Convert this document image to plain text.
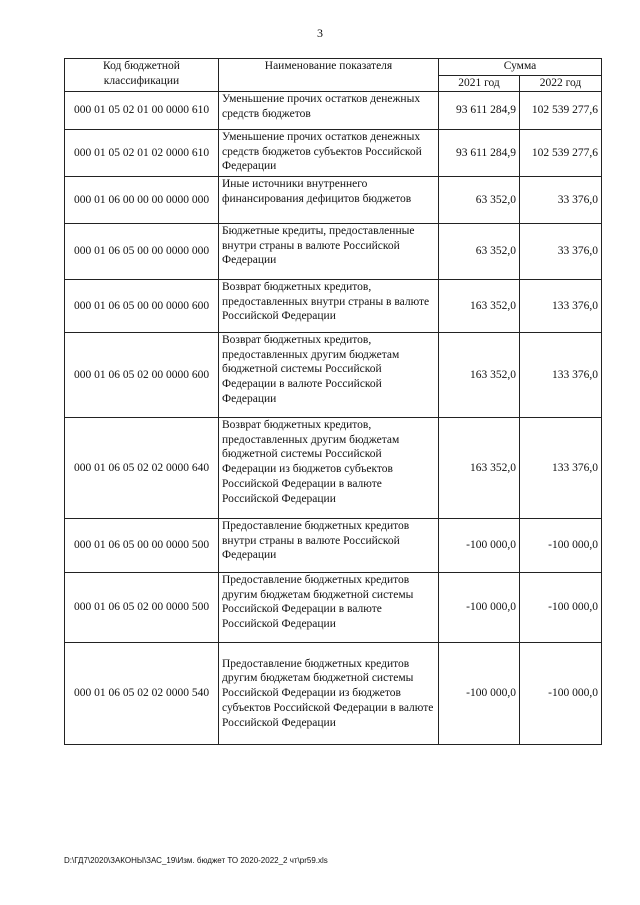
3
Код бюджетной классификации	Наименование показателя	Сумма	
		2021 год	2022 год
000 01 05 02 01 00 0000 610	Уменьшение прочих остатков денежных средств бюджетов	93 611 284,9	102 539 277,6
000 01 05 02 01 02 0000 610	Уменьшение прочих остатков денежных средств бюджетов субъектов Российской Федерации	93 611 284,9	102 539 277,6
000 01 06 00 00 00 0000 000	Иные источники внутреннего финансирования дефицитов бюджетов	63 352,0	33 376,0
000 01 06 05 00 00 0000 000	Бюджетные кредиты, предоставленные внутри страны в валюте Российской Федерации	63 352,0	33 376,0
000 01 06 05 00 00 0000 600	Возврат бюджетных кредитов, предоставленных внутри страны в валюте Российской Федерации	163 352,0	133 376,0
000 01 06 05 02 00 0000 600	Возврат бюджетных кредитов, предоставленных другим бюджетам бюджетной системы Российской Федерации в валюте Российской Федерации	163 352,0	133 376,0
000 01 06 05 02 02 0000 640	Возврат бюджетных кредитов, предоставленных другим бюджетам бюджетной системы Российской Федерации из бюджетов субъектов Российской Федерации в валюте Российской Федерации	163 352,0	133 376,0
000 01 06 05 00 00 0000 500	Предоставление бюджетных кредитов внутри страны в валюте Российской Федерации	-100 000,0	-100 000,0
000 01 06 05 02 00 0000 500	Предоставление бюджетных кредитов другим бюджетам бюджетной системы Российской Федерации в валюте Российской Федерации	-100 000,0	-100 000,0
000 01 06 05 02 02 0000 540	Предоставление бюджетных кредитов другим бюджетам бюджетной системы Российской Федерации из бюджетов субъектов Российской Федерации в валюте Российской Федерации	-100 000,0	-100 000,0
D:\ГД7\2020\ЗАКОНЫ\ЗАС_19\Изм. бюджет ТО 2020-2022_2 чт\pr59.xls
